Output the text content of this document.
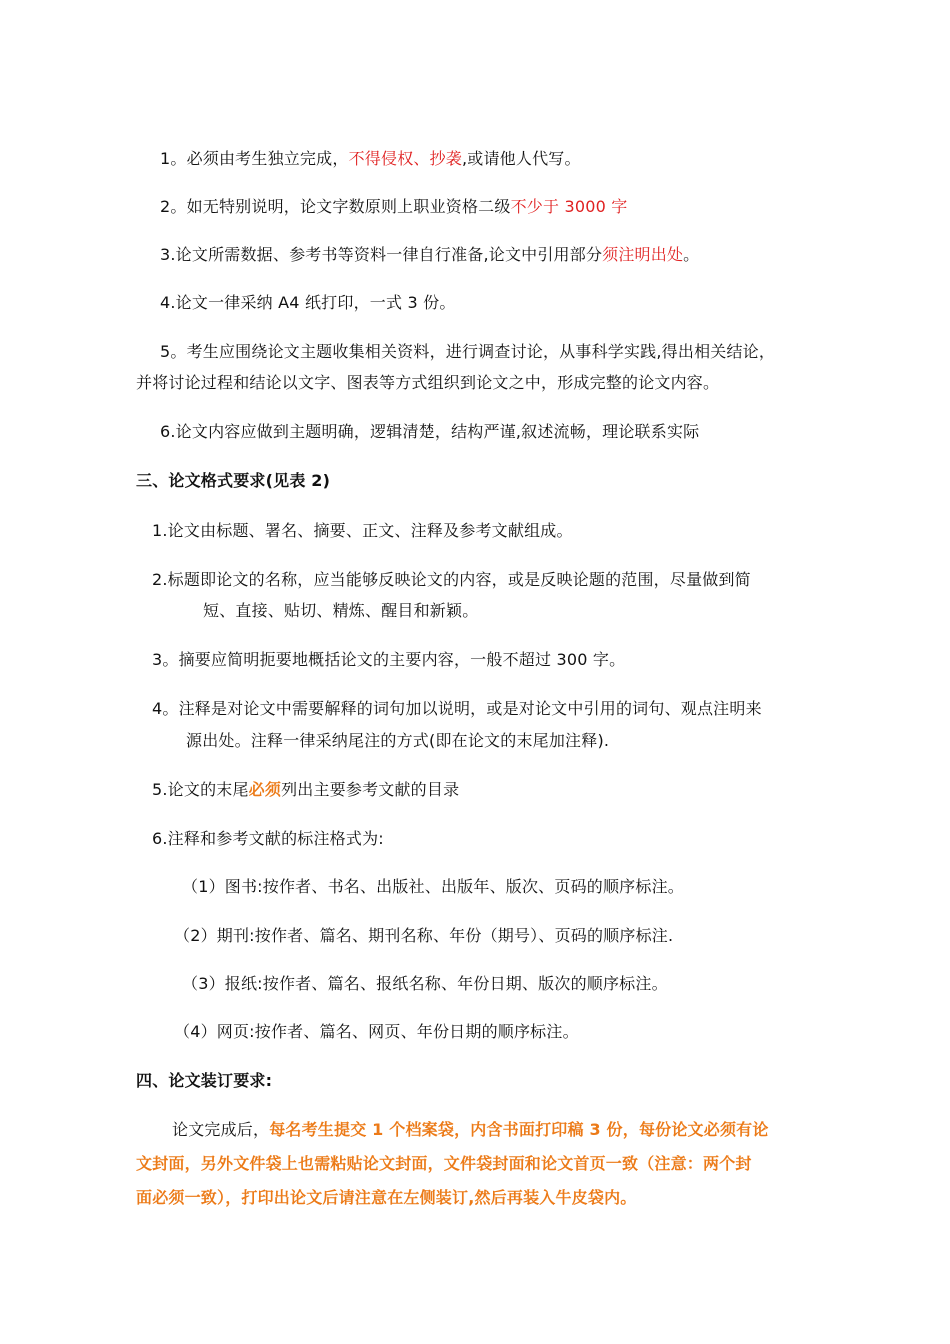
1。必须由考生独立完成，不得侵权、抄袭,或请他人代写。
2。如无特别说明，论文字数原则上职业资格二级不少于 3000 字
3.论文所需数据、参考书等资料一律自行准备,论文中引用部分须注明出处。
4.论文一律采纳 A4 纸打印，一式 3 份。
5。考生应围绕论文主题收集相关资料，进行调查讨论，从事科学实践,得出相关结论，
并将讨论过程和结论以文字、图表等方式组织到论文之中，形成完整的论文内容。
6.论文内容应做到主题明确，逻辑清楚，结构严谨,叙述流畅，理论联系实际
三、论文格式要求(见表 2)
1.论文由标题、署名、摘要、正文、注释及参考文献组成。
2.标题即论文的名称，应当能够反映论文的内容，或是反映论题的范围，尽量做到简
短、直接、贴切、精炼、醒目和新颖。
3。摘要应简明扼要地概括论文的主要内容，一般不超过 300 字。
4。注释是对论文中需要解释的词句加以说明，或是对论文中引用的词句、观点注明来
源出处。注释一律采纳尾注的方式(即在论文的末尾加注释).
5.论文的末尾必须列出主要参考文献的目录
6.注释和参考文献的标注格式为:
（1）图书:按作者、书名、出版社、出版年、版次、页码的顺序标注。
（2）期刊:按作者、篇名、期刊名称、年份（期号）、页码的顺序标注.
（3）报纸:按作者、篇名、报纸名称、年份日期、版次的顺序标注。
（4）网页:按作者、篇名、网页、年份日期的顺序标注。
四、论文装订要求:
论文完成后，每名考生提交 1 个档案袋，内含书面打印稿 3 份，每份论文必须有论
文封面，另外文件袋上也需粘贴论文封面，文件袋封面和论文首页一致（注意：两个封
面必须一致），打印出论文后请注意在左侧装订,然后再装入牛皮袋内。
